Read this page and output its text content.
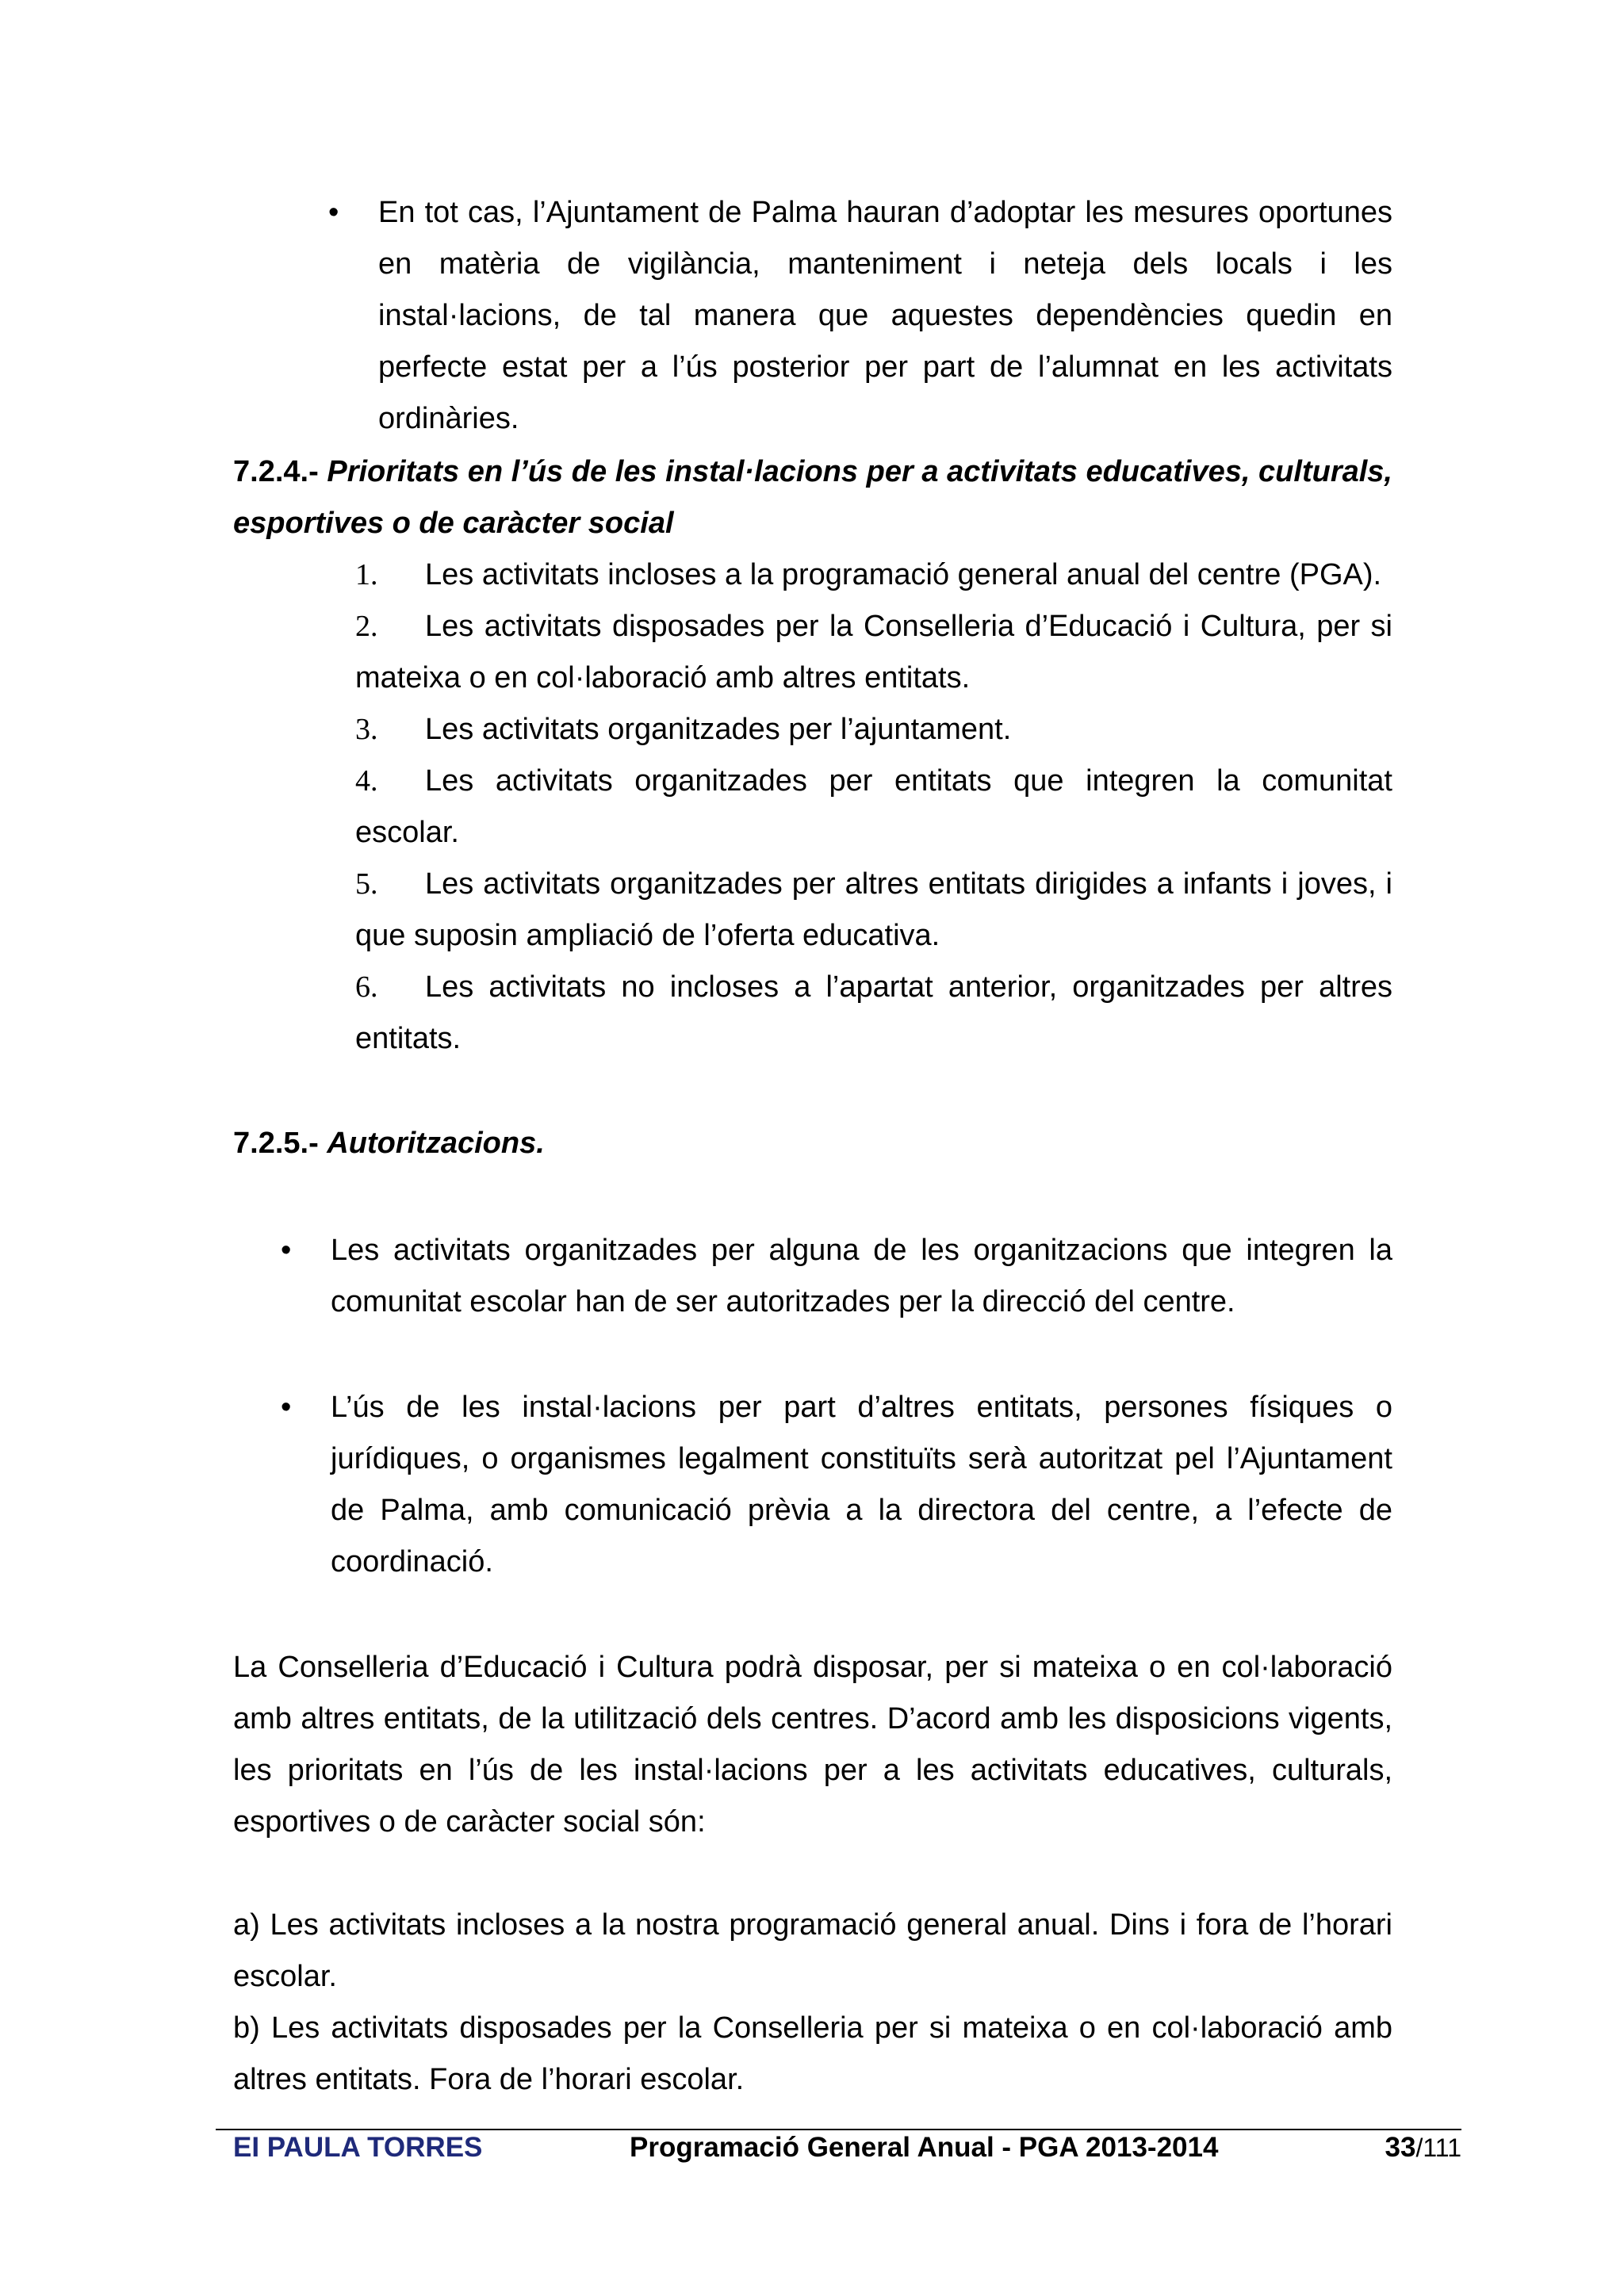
• En tot cas, l’Ajuntament de Palma hauran d’adoptar les mesures oportunes en matèria de vigilància, manteniment i neteja dels locals i les instal·lacions, de tal manera que aquestes dependències quedin en perfecte estat per a l’ús posterior per part de l’alumnat en les activitats ordinàries.

7.2.4.- Prioritats en l’ús de les instal·lacions per a activitats educatives, culturals, esportives o de caràcter social
1. Les activitats incloses a la programació general anual del centre (PGA).
2. Les activitats disposades per la Conselleria d’Educació i Cultura, per si mateixa o en col·laboració amb altres entitats.
3. Les activitats organitzades per l’ajuntament.
4. Les activitats organitzades per entitats que integren la comunitat escolar.
5. Les activitats organitzades per altres entitats dirigides a infants i joves, i que suposin ampliació de l’oferta educativa.
6. Les activitats no incloses a l’apartat anterior, organitzades per altres entitats.
7.2.5.- Autoritzacions.
• Les activitats organitzades per alguna de les organitzacions que integren la comunitat escolar han de ser autoritzades per la direcció del centre.

• L’ús de les instal·lacions per part d’altres entitats, persones físiques o jurídiques, o organismes legalment constituïts serà autoritzat pel l’Ajuntament de Palma, amb comunicació prèvia a la directora del centre, a l’efecte de coordinació.

La Conselleria d’Educació i Cultura podrà disposar, per si mateixa o en col·laboració amb altres entitats, de la utilització dels centres. D’acord amb les disposicions vigents, les prioritats en l’ús de les instal·lacions per a les activitats educatives, culturals, esportives o de caràcter social són:

a) Les activitats incloses a la nostra programació general anual. Dins i fora de l’horari escolar.

b) Les activitats disposades per la Conselleria per si mateixa o en col·laboració amb altres entitats. Fora de l’horari escolar.

EI PAULA TORRES	Programació General Anual - PGA 2013-2014	33/111
